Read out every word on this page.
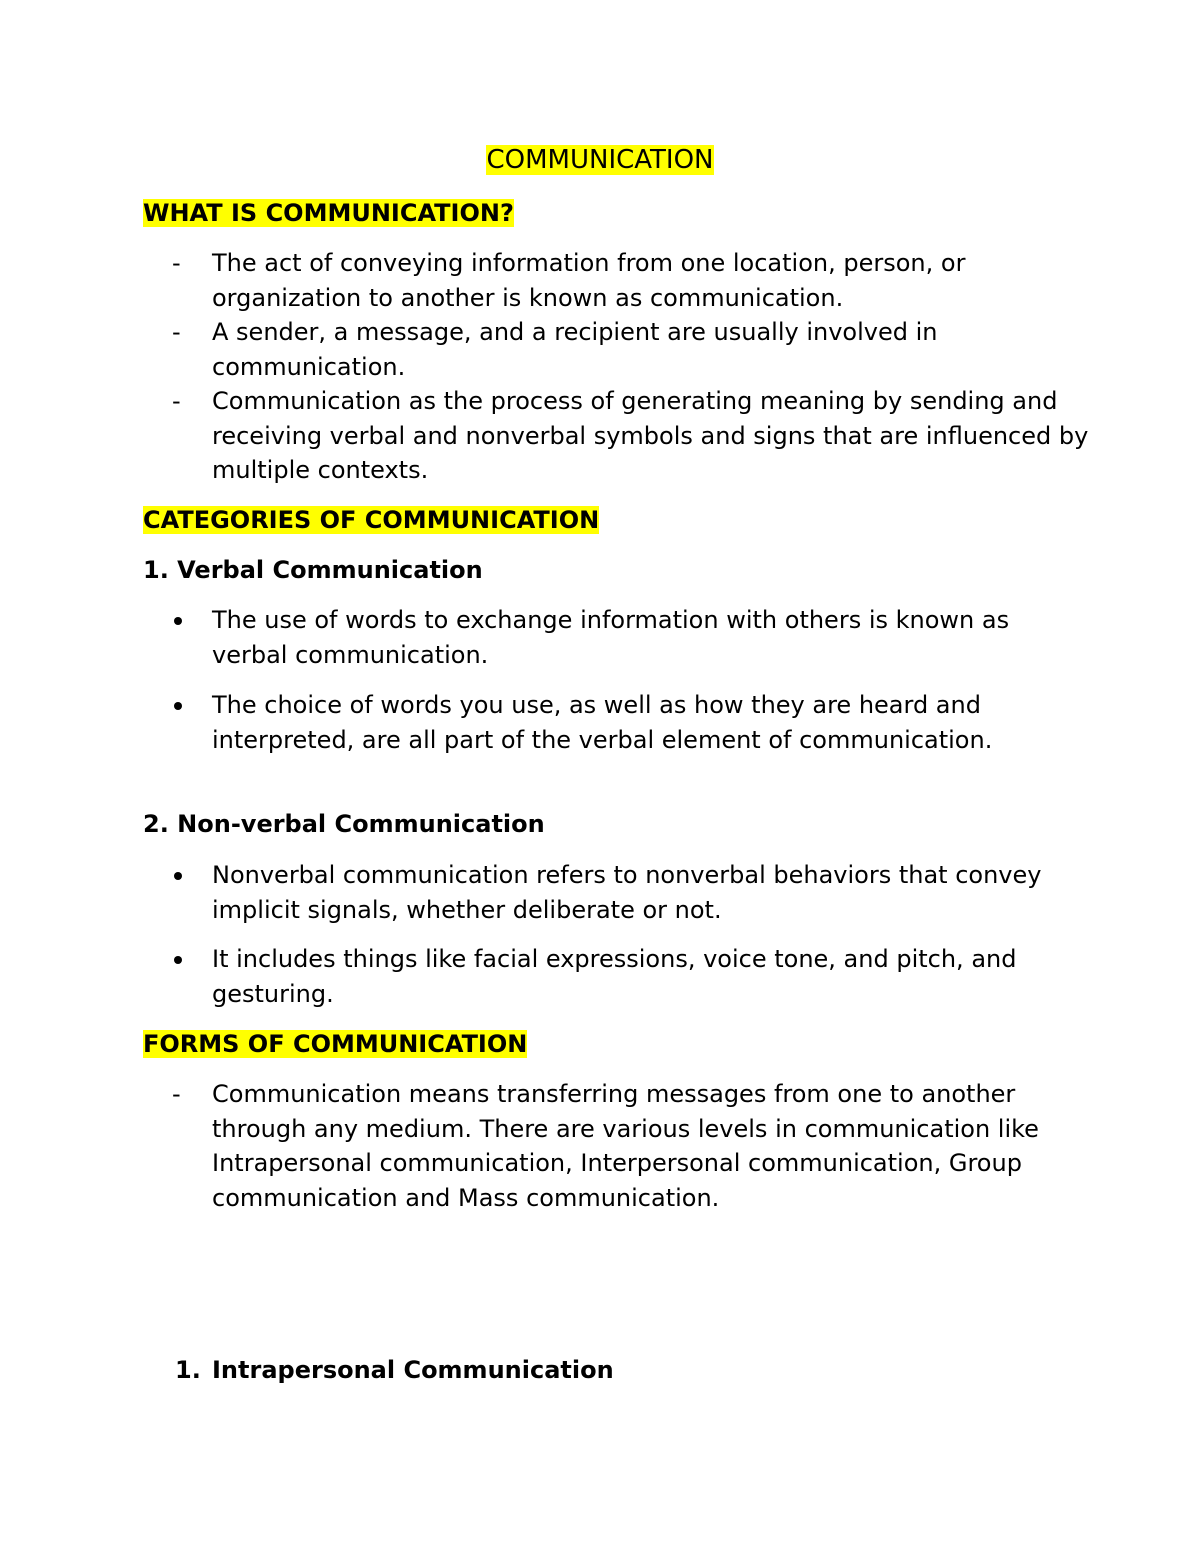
COMMUNICATION
WHAT IS COMMUNICATION?
- The act of conveying information from one location, person, or organization to another is known as communication.
- A sender, a message, and a recipient are usually involved in communication.
- Communication as the process of generating meaning by sending and receiving verbal and nonverbal symbols and signs that are influenced by multiple contexts.
CATEGORIES OF COMMUNICATION
1. Verbal Communication
The use of words to exchange information with others is known as verbal communication.
The choice of words you use, as well as how they are heard and interpreted, are all part of the verbal element of communication.
2. Non-verbal Communication
Nonverbal communication refers to nonverbal behaviors that convey implicit signals, whether deliberate or not.
It includes things like facial expressions, voice tone, and pitch, and gesturing.
FORMS OF COMMUNICATION
- Communication means transferring messages from one to another through any medium. There are various levels in communication like Intrapersonal communication, Interpersonal communication, Group communication and Mass communication.
1. Intrapersonal Communication
